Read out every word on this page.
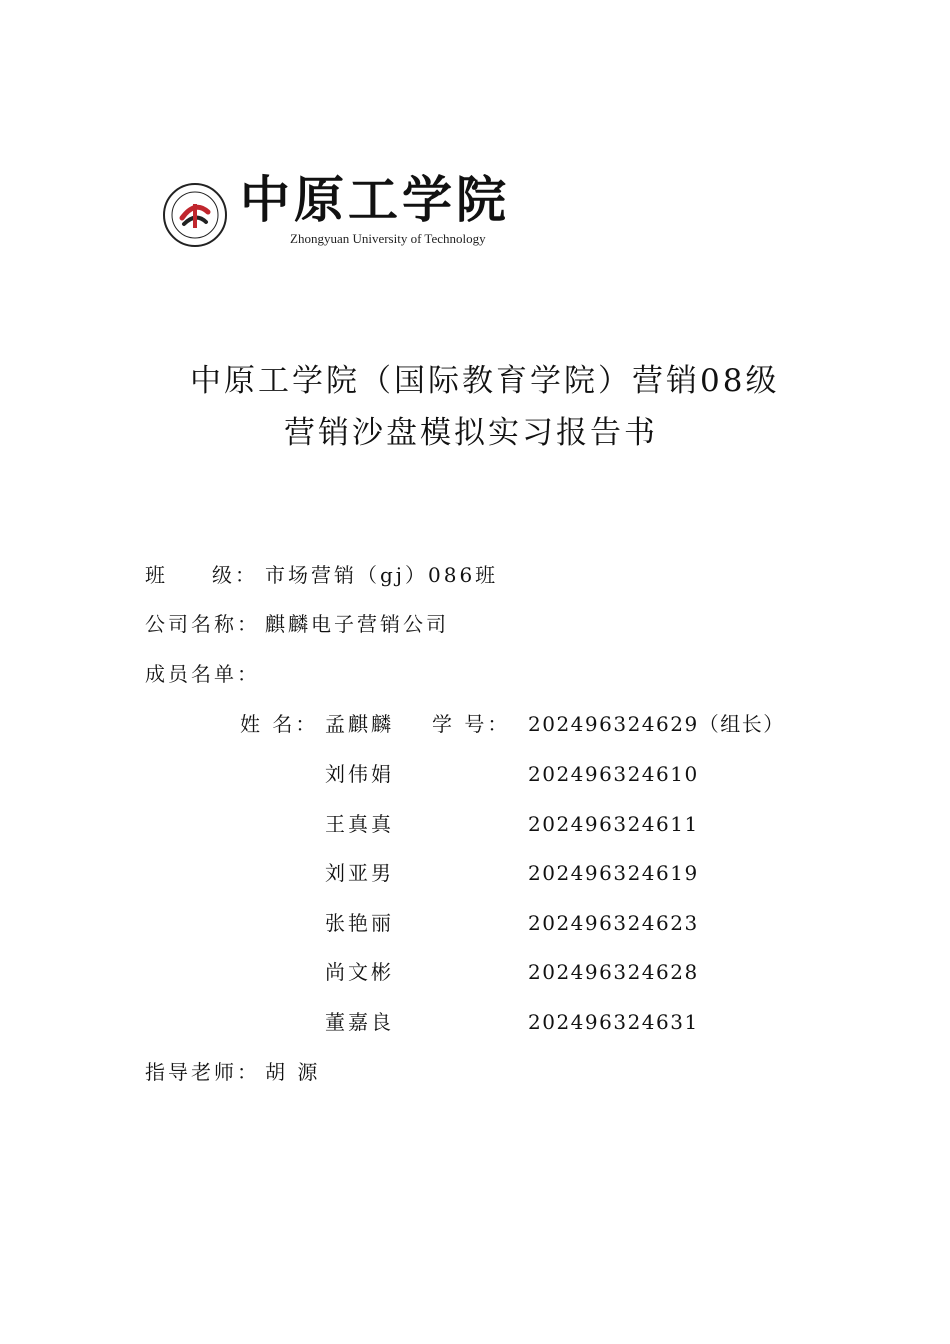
中原工学院
Zhongyuan University of Technology
中原工学院（国际教育学院）营销08级
营销沙盘模拟实习报告书
班 级： 市场营销（gj）086班
公司名称： 麒麟电子营销公司
成员名单：
姓 名：	学 号：
孟麒麟	202496324629（组长）
刘伟娟	202496324610
王真真	202496324611
刘亚男	202496324619
张艳丽	202496324623
尚文彬	202496324628
董嘉良	202496324631
指导老师： 胡 源
